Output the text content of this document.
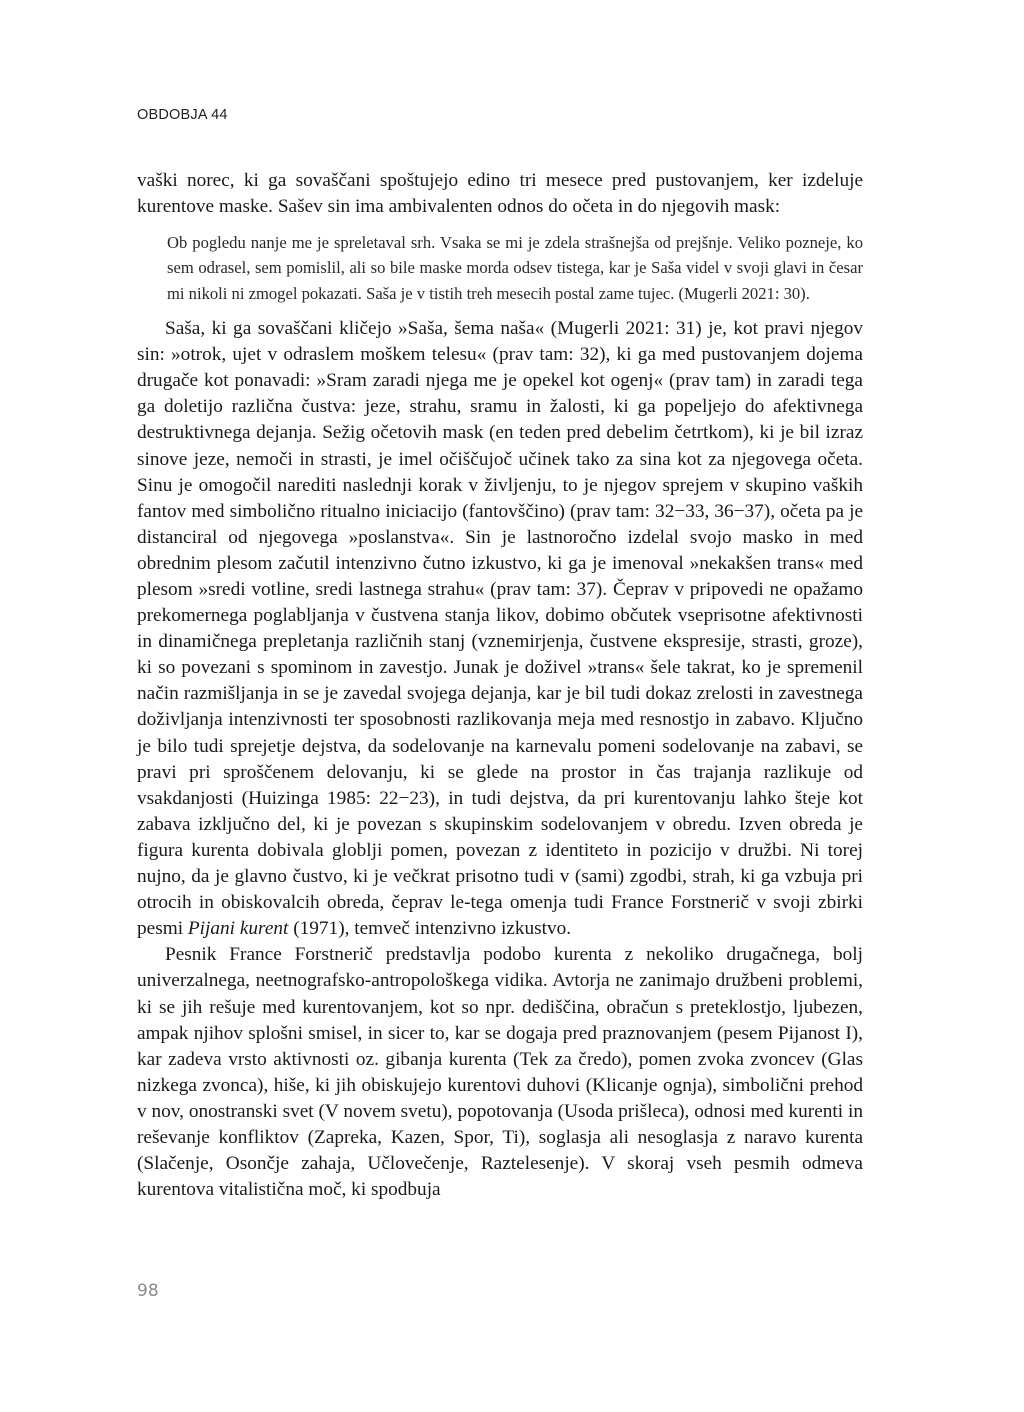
OBDOBJA 44

vaški norec, ki ga sovaščani spoštujejo edino tri mesece pred pustovanjem, ker izdeluje kurentove maske. Sašev sin ima ambivalenten odnos do očeta in do njegovih mask:

Ob pogledu nanje me je spreletaval srh. Vsaka se mi je zdela strašnejša od prejšnje. Veliko pozneje, ko sem odrasel, sem pomislil, ali so bile maske morda odsev tistega, kar je Saša videl v svoji glavi in česar mi nikoli ni zmogel pokazati. Saša je v tistih treh mesecih postal zame tujec. (Mugerli 2021: 30).

Saša, ki ga sovaščani kličejo »Saša, šema naša« (Mugerli 2021: 31) je, kot pravi njegov sin: »otrok, ujet v odraslem moškem telesu« (prav tam: 32), ki ga med pustovanjem dojema drugače kot ponavadi: »Sram zaradi njega me je opekel kot ogenj« (prav tam) in zaradi tega ga doletijo različna čustva: jeze, strahu, sramu in žalosti, ki ga popeljejo do afektivnega destruktivnega dejanja. Sežig očetovih mask (en teden pred debelim četrtkom), ki je bil izraz sinove jeze, nemoči in strasti, je imel očiščujoč učinek tako za sina kot za njegovega očeta. Sinu je omogočil narediti naslednji korak v življenju, to je njegov sprejem v skupino vaških fantov med simbolično ritualno iniciacijo (fantovščino) (prav tam: 32−33, 36−37), očeta pa je distanciral od njegovega »poslanstva«. Sin je lastnoročno izdelal svojo masko in med obrednim plesom začutil intenzivno čutno izkustvo, ki ga je imenoval »nekakšen trans« med plesom »sredi votline, sredi lastnega strahu« (prav tam: 37). Čeprav v pripovedi ne opažamo prekomernega poglabljanja v čustvena stanja likov, dobimo občutek vseprisotne afektivnosti in dinamičnega prepletanja različnih stanj (vznemirjenja, čustvene ekspresije, strasti, groze), ki so povezani s spominom in zavestjo. Junak je doživel »trans« šele takrat, ko je spremenil način razmišljanja in se je zavedal svojega dejanja, kar je bil tudi dokaz zrelosti in zavestnega doživljanja intenzivnosti ter sposobnosti razlikovanja meja med resnostjo in zabavo. Ključno je bilo tudi sprejetje dejstva, da sodelovanje na karnevalu pomeni sodelovanje na zabavi, se pravi pri sproščenem delovanju, ki se glede na prostor in čas trajanja razlikuje od vsakdanjosti (Huizinga 1985: 22−23), in tudi dejstva, da pri kurentovanju lahko šteje kot zabava izključno del, ki je povezan s skupinskim sodelovanjem v obredu. Izven obreda je figura kurenta dobivala globlji pomen, povezan z identiteto in pozicijo v družbi. Ni torej nujno, da je glavno čustvo, ki je večkrat prisotno tudi v (sami) zgodbi, strah, ki ga vzbuja pri otrocih in obiskovalcih obreda, čeprav le-tega omenja tudi France Forstnerič v svoji zbirki pesmi Pijani kurent (1971), temveč intenzivno izkustvo.

Pesnik France Forstnerič predstavlja podobo kurenta z nekoliko drugačnega, bolj univerzalnega, neetnografsko-antropološkega vidika. Avtorja ne zanimajo družbeni problemi, ki se jih rešuje med kurentovanjem, kot so npr. dediščina, obračun s preteklostjo, ljubezen, ampak njihov splošni smisel, in sicer to, kar se dogaja pred praznovanjem (pesem Pijanost I), kar zadeva vrsto aktivnosti oz. gibanja kurenta (Tek za čredo), pomen zvoka zvoncev (Glas nizkega zvonca), hiše, ki jih obiskujejo kurentovi duhovi (Klicanje ognja), simbolični prehod v nov, onostranski svet (V novem svetu), popotovanja (Usoda prišleca), odnosi med kurenti in reševanje konfliktov (Zapreka, Kazen, Spor, Ti), soglasja ali nesoglasja z naravo kurenta (Slačenje, Osončje zahaja, Učlovečenje, Raztelesenje). V skoraj vseh pesmih odmeva kurentova vitalistična moč, ki spodbuja

98
